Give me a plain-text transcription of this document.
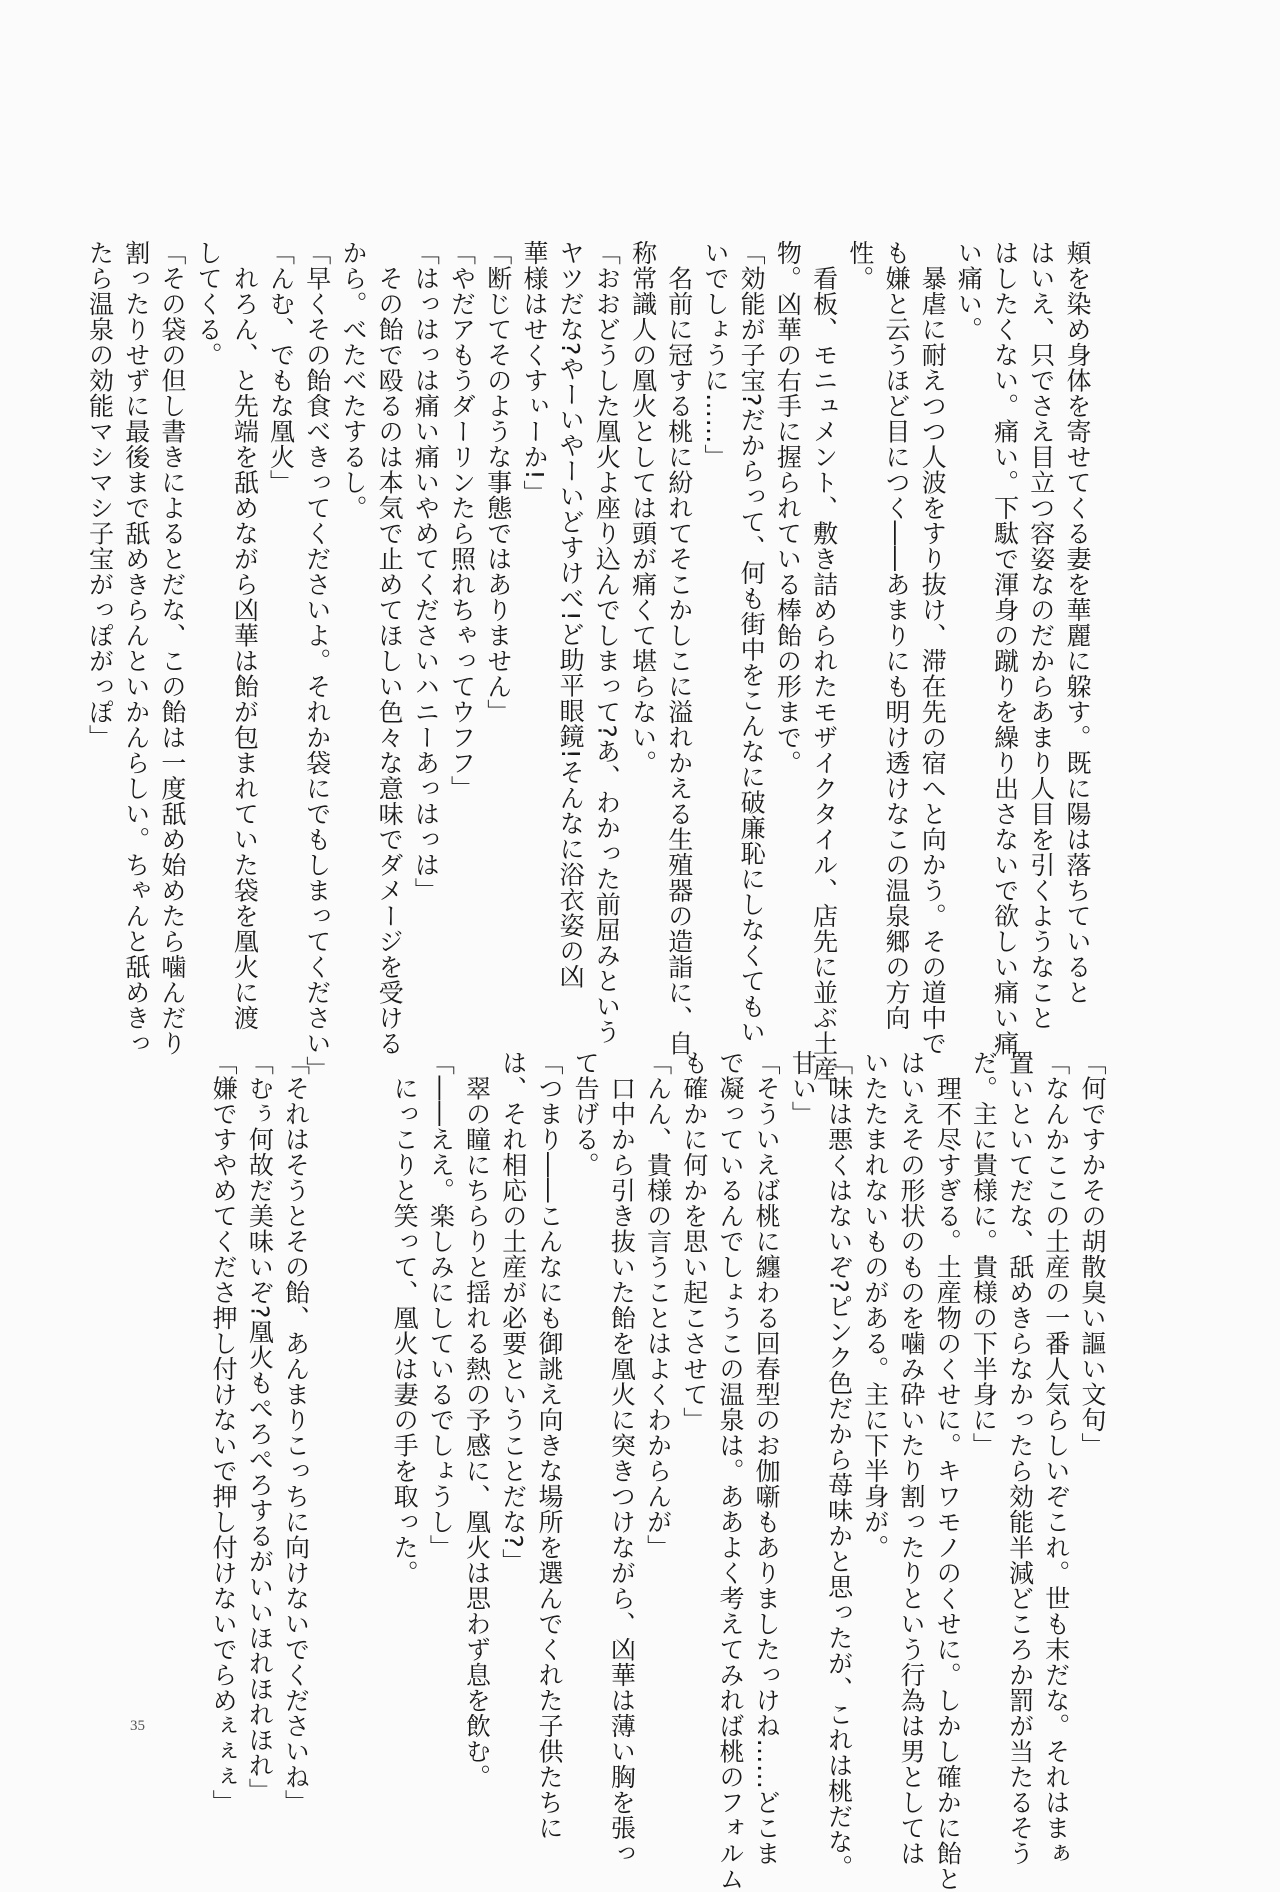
頬を染め身体を寄せてくる妻を華麗に躱す。既に陽は落ちていると
はいえ、只でさえ目立つ容姿なのだからあまり人目を引くようなこと
はしたくない。痛い。下駄で渾身の蹴りを繰り出さないで欲しい痛い痛
い痛い。
　暴虐に耐えつつ人波をすり抜け、滞在先の宿へと向かう。その道中で
も嫌と云うほど目につく――あまりにも明け透けなこの温泉郷の方向
性。
　看板、モニュメント、敷き詰められたモザイクタイル、店先に並ぶ土産
物。凶華の右手に握られている棒飴の形まで。
「効能が子宝?だからって、何も街中をこんなに破廉恥にしなくてもい
いでしょうに……」
　名前に冠する桃に紛れてそこかしこに溢れかえる生殖器の造詣に、自
称常識人の凰火としては頭が痛くて堪らない。
「おおどうした凰火よ座り込んでしまって?あ、わかった前屈みという
ヤツだな?やーいやーいどすけべ!ど助平眼鏡!そんなに浴衣姿の凶
華様はせくすぃーか!」
「断じてそのような事態ではありません」
「やだアもうダーリンたら照れちゃってウフフ」
「はっはっは痛い痛いやめてくださいハニーあっはっは」
　その飴で殴るのは本気で止めてほしい色々な意味でダメージを受ける
から。べたべたするし。
「早くその飴食べきってくださいよ。それか袋にでもしまってください」
「んむ、でもな凰火」
　れろん、と先端を舐めながら凶華は飴が包まれていた袋を凰火に渡
してくる。
「その袋の但し書きによるとだな、この飴は一度舐め始めたら噛んだり
割ったりせずに最後まで舐めきらんといかんらしい。ちゃんと舐めきっ
たら温泉の効能マシマシ子宝がっぽがっぽ」
「何ですかその胡散臭い謳い文句」
「なんかここの土産の一番人気らしいぞこれ。世も末だな。それはまぁ
置いといてだな、舐めきらなかったら効能半減どころか罰が当たるそう
だ。主に貴様に。貴様の下半身に」
　理不尽すぎる。土産物のくせに。キワモノのくせに。しかし確かに飴と
はいえその形状のものを噛み砕いたり割ったりという行為は男としては
いたたまれないものがある。主に下半身が。
「味は悪くはないぞ?ピンク色だから苺味かと思ったが、これは桃だな。
甘い」
「そういえば桃に纏わる回春型のお伽噺もありましたっけね……どこま
で凝っているんでしょうこの温泉は。ああよく考えてみれば桃のフォルム
も確かに何かを思い起こさせて」
「んん、貴様の言うことはよくわからんが」
　口中から引き抜いた飴を凰火に突きつけながら、凶華は薄い胸を張っ
て告げる。
「つまり――こんなにも御誂え向きな場所を選んでくれた子供たちに
は、それ相応の土産が必要ということだな?」
　翠の瞳にちらりと揺れる熱の予感に、凰火は思わず息を飲む。
「――ええ。楽しみにしているでしょうし」
　にっこりと笑って、凰火は妻の手を取った。

「それはそうとその飴、あんまりこっちに向けないでくださいね」
「むぅ何故だ美味いぞ?凰火もぺろぺろするがいいほれほれほれ」
「嫌ですやめてくださ押し付けないで押し付けないでらめぇぇぇ」
35
